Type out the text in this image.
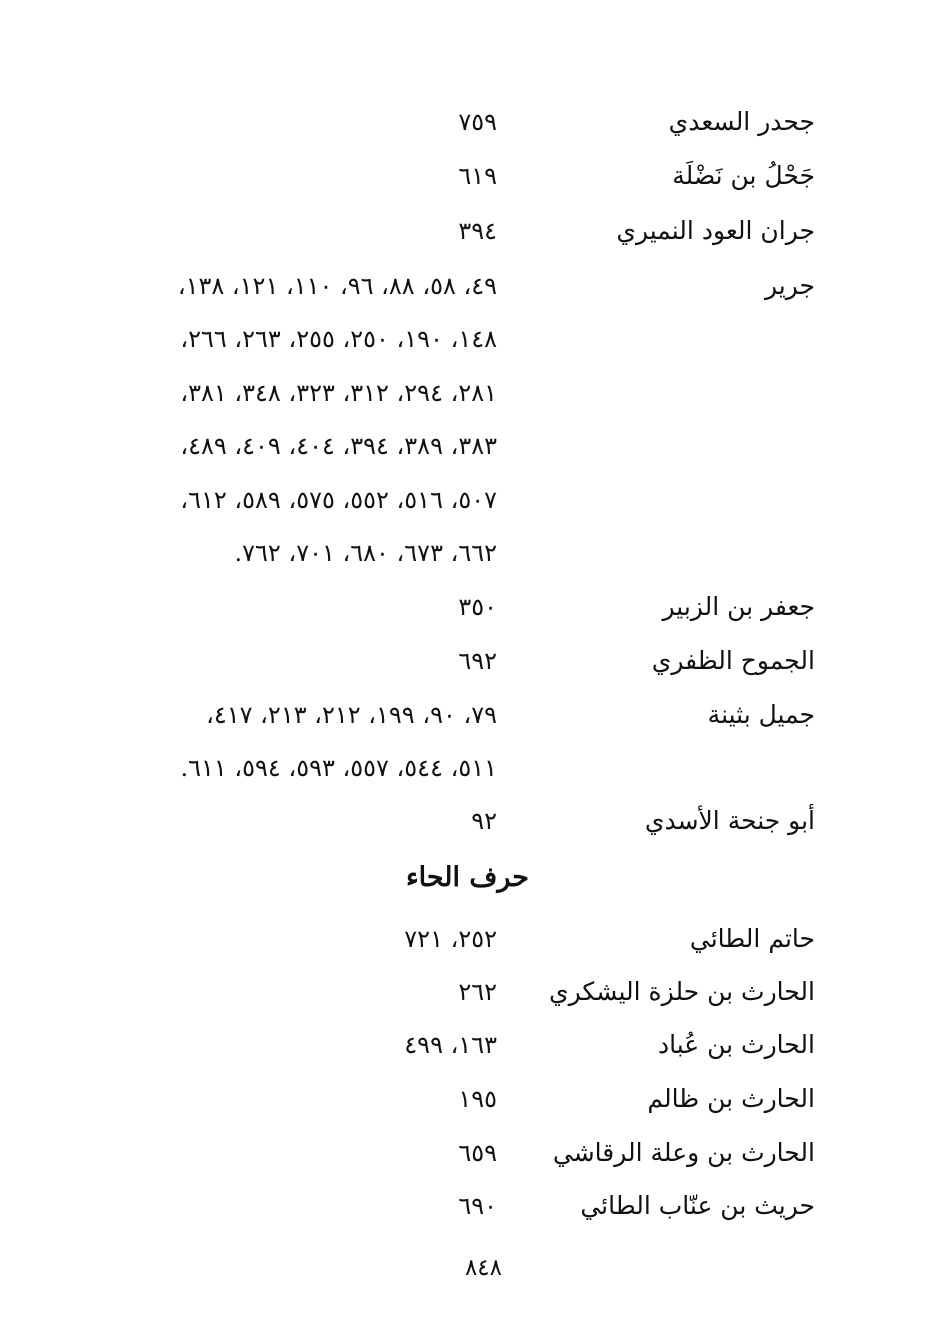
جحدر السعدي
٧٥٩
جَحْلُ بن نَضْلَة
٦١٩
جران العود النميري
٣٩٤
جرير
٤٩، ٥٨، ٨٨، ٩٦، ١١٠، ١٢١، ١٣٨،
١٤٨، ١٩٠، ٢٥٠، ٢٥٥، ٢٦٣، ٢٦٦،
٢٨١، ٢٩٤، ٣١٢، ٣٢٣، ٣٤٨، ٣٨١،
٣٨٣، ٣٨٩، ٣٩٤، ٤٠٤، ٤٠٩، ٤٨٩،
٥٠٧، ٥١٦، ٥٥٢، ٥٧٥، ٥٨٩، ٦١٢،
٦٦٢، ٦٧٣، ٦٨٠، ٧٠١، ٧٦٢.
جعفر بن الزبير
٣٥٠
الجموح الظفري
٦٩٢
جميل بثينة
٧٩، ٩٠، ١٩٩، ٢١٢، ٢١٣، ٤١٧،
٥١١، ٥٤٤، ٥٥٧، ٥٩٣، ٥٩٤، ٦١١.
أبو جنحة الأسدي
٩٢
حرف الحاء
حاتم الطائي
٢٥٢، ٧٢١
الحارث بن حلزة اليشكري
٢٦٢
الحارث بن عُباد
١٦٣، ٤٩٩
الحارث بن ظالم
١٩٥
الحارث بن وعلة الرقاشي
٦٥٩
حريث بن عنّاب الطائي
٦٩٠
٨٤٨
